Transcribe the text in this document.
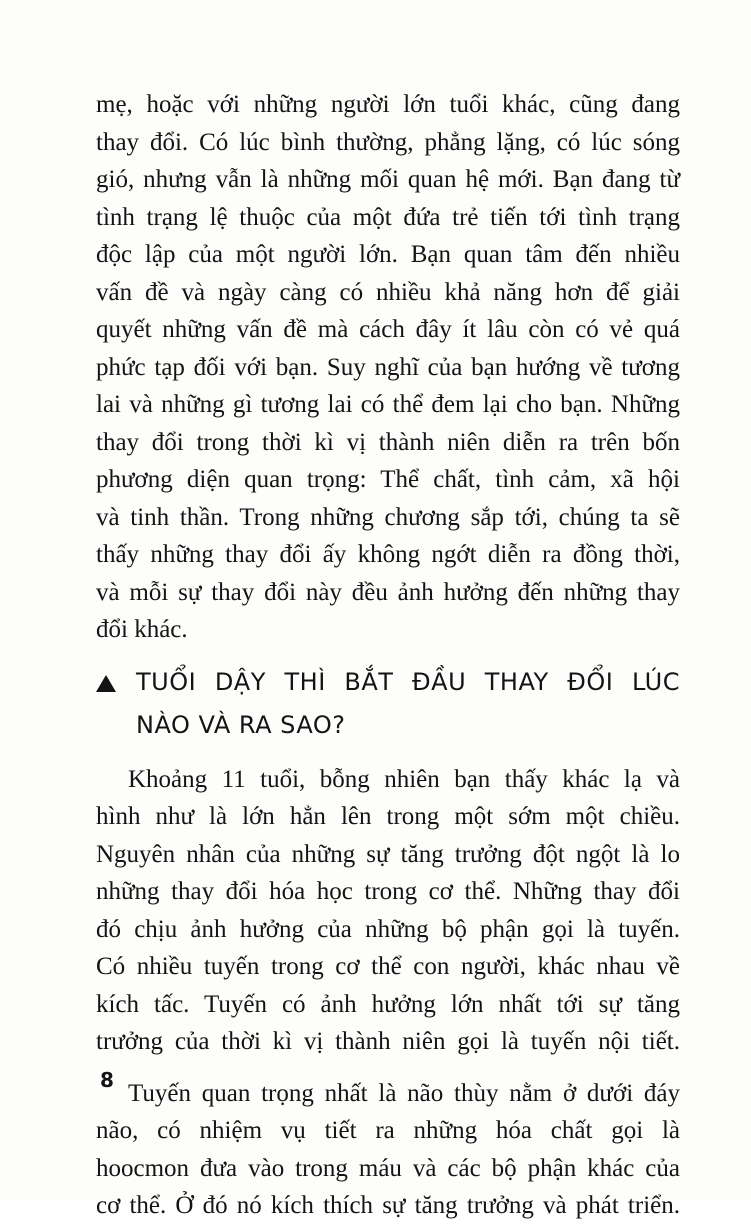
mẹ, hoặc với những người lớn tuổi khác, cũng đang
thay đổi. Có lúc bình thường, phẳng lặng, có lúc sóng
gió, nhưng vẫn là những mối quan hệ mới. Bạn đang từ
tình trạng lệ thuộc của một đứa trẻ tiến tới tình trạng
độc lập của một người lớn. Bạn quan tâm đến nhiều
vấn đề và ngày càng có nhiều khả năng hơn để giải
quyết những vấn đề mà cách đây ít lâu còn có vẻ quá
phức tạp đối với bạn. Suy nghĩ của bạn hướng về tương
lai và những gì tương lai có thể đem lại cho bạn. Những
thay đổi trong thời kì vị thành niên diễn ra trên bốn
phương diện quan trọng: Thể chất, tình cảm, xã hội
và tinh thần. Trong những chương sắp tới, chúng ta sẽ
thấy những thay đổi ấy không ngớt diễn ra đồng thời,
và mỗi sự thay đổi này đều ảnh hưởng đến những thay
đổi khác.

TUỔI DẬY THÌ BẮT ĐẦU THAY ĐỔI LÚC
NÀO VÀ RA SAO?

Khoảng 11 tuổi, bỗng nhiên bạn thấy khác lạ và
hình như là lớn hẳn lên trong một sớm một chiều.
Nguyên nhân của những sự tăng trưởng đột ngột là lo
những thay đổi hóa học trong cơ thể. Những thay đổi
đó chịu ảnh hưởng của những bộ phận gọi là tuyến.
Có nhiều tuyến trong cơ thể con người, khác nhau về
kích tấc. Tuyến có ảnh hưởng lớn nhất tới sự tăng
trưởng của thời kì vị thành niên gọi là tuyến nội tiết.

Tuyến quan trọng nhất là não thùy nằm ở dưới đáy
não, có nhiệm vụ tiết ra những hóa chất gọi là
hoocmon đưa vào trong máu và các bộ phận khác của
cơ thể. Ở đó nó kích thích sự tăng trưởng và phát triển.

8
